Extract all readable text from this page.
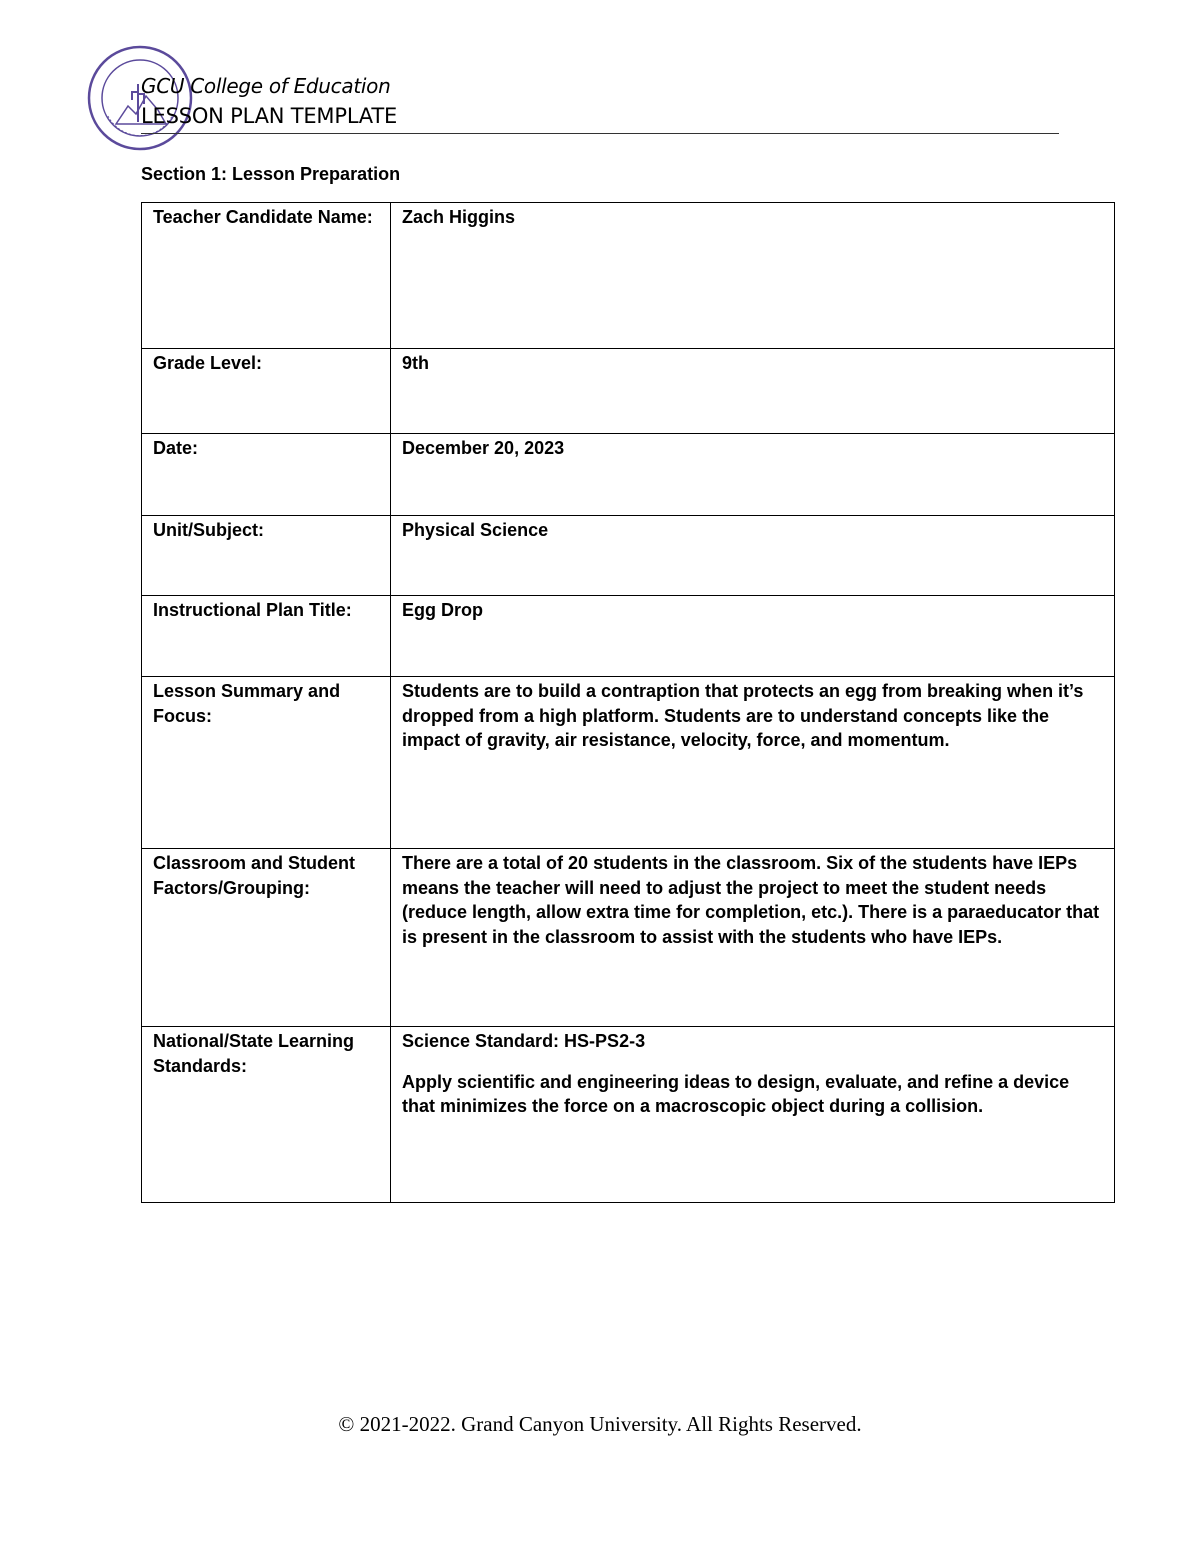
GCU College of Education
LESSON PLAN TEMPLATE
Section 1: Lesson Preparation
Teacher Candidate Name:	Zach Higgins
Grade Level:	9th
Date:	December 20, 2023
Unit/Subject:	Physical Science
Instructional Plan Title:	Egg Drop
Lesson Summary and Focus:	Students are to build a contraption that protects an egg from breaking when it’s dropped from a high platform. Students are to understand concepts like the impact of gravity, air resistance, velocity, force, and momentum.
Classroom and Student Factors/Grouping:	There are a total of 20 students in the classroom. Six of the students have IEPs means the teacher will need to adjust the project to meet the student needs (reduce length, allow extra time for completion, etc.). There is a paraeducator that is present in the classroom to assist with the students who have IEPs.
National/State Learning Standards:	Science Standard: HS-PS2-3
Apply scientific and engineering ideas to design, evaluate, and refine a device that minimizes the force on a macroscopic object during a collision.
© 2021-2022. Grand Canyon University. All Rights Reserved.
